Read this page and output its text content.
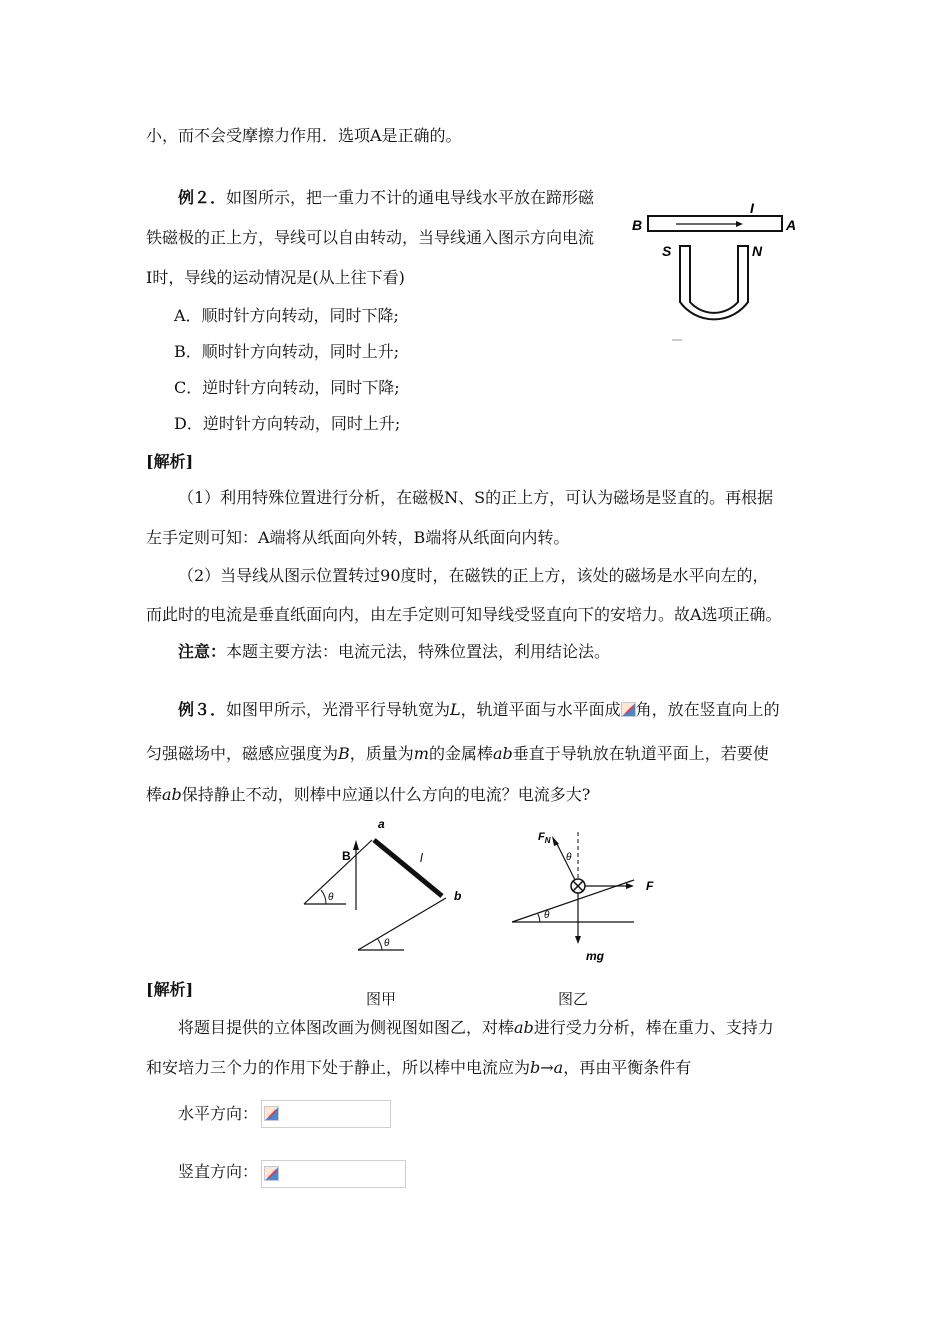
小，而不会受摩擦力作用．选项A是正确的。
例２．如图所示，把一重力不计的通电导线水平放在蹄形磁
铁磁极的正上方，导线可以自由转动，当导线通入图示方向电流
I时，导线的运动情况是(从上往下看)
A．顺时针方向转动，同时下降;
B．顺时针方向转动，同时上升;
C．逆时针方向转动，同时下降;
D．逆时针方向转动，同时上升;
B	A
I
S	N
[解析]
（1）利用特殊位置进行分析，在磁极N、S的正上方，可认为磁场是竖直的。再根据
左手定则可知：A端将从纸面向外转，B端将从纸面向内转。
（2）当导线从图示位置转过90度时，在磁铁的正上方，该处的磁场是水平向左的，
而此时的电流是垂直纸面向内，由左手定则可知导线受竖直向下的安培力。故A选项正确。
注意：本题主要方法：电流元法，特殊位置法，利用结论法。
例３．如图甲所示，光滑平行导轨宽为L，轨道平面与水平面成 角，放在竖直向上的
匀强磁场中，磁感应强度为B，质量为m的金属棒ab垂直于导轨放在轨道平面上，若要使
棒ab保持静止不动，则棒中应通以什么方向的电流？电流多大?
θ
θ
B
a
b
l
图甲
θ
θ
$F_N$
F
mg
图乙
[解析]
将题目提供的立体图改画为侧视图如图乙，对棒ab进行受力分析，棒在重力、支持力
和安培力三个力的作用下处于静止，所以棒中电流应为b→a，再由平衡条件有
水平方向：
竖直方向：
